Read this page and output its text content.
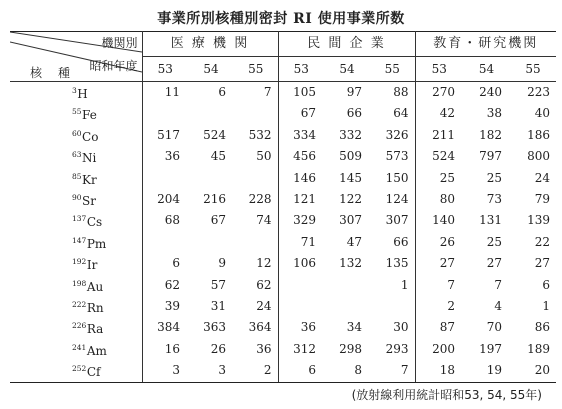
事業所別核種別密封 RI 使用事業所数
機関別
昭和年度
核　種	医 療 機 関			民 間 企 業			教育・研究機関		
	53	54	55	53	54	55	53	54	55
$^3$H	11	6	7	105	97	88	270	240	223
$^{55}$Fe				67	66	64	42	38	40
$^{60}$Co	517	524	532	334	332	326	211	182	186
$^{63}$Ni	36	45	50	456	509	573	524	797	800
$^{85}$Kr				146	145	150	25	25	24
$^{90}$Sr	204	216	228	121	122	124	80	73	79
$^{137}$Cs	68	67	74	329	307	307	140	131	139
$^{147}$Pm				71	47	66	26	25	22
$^{192}$Ir	6	9	12	106	132	135	27	27	27
$^{198}$Au	62	57	62			1	7	7	6
$^{222}$Rn	39	31	24				2	4	1
$^{226}$Ra	384	363	364	36	34	30	87	70	86
$^{241}$Am	16	26	36	312	298	293	200	197	189
$^{252}$Cf	3	3	2	6	8	7	18	19	20
(放射線利用統計昭和53, 54, 55年)
